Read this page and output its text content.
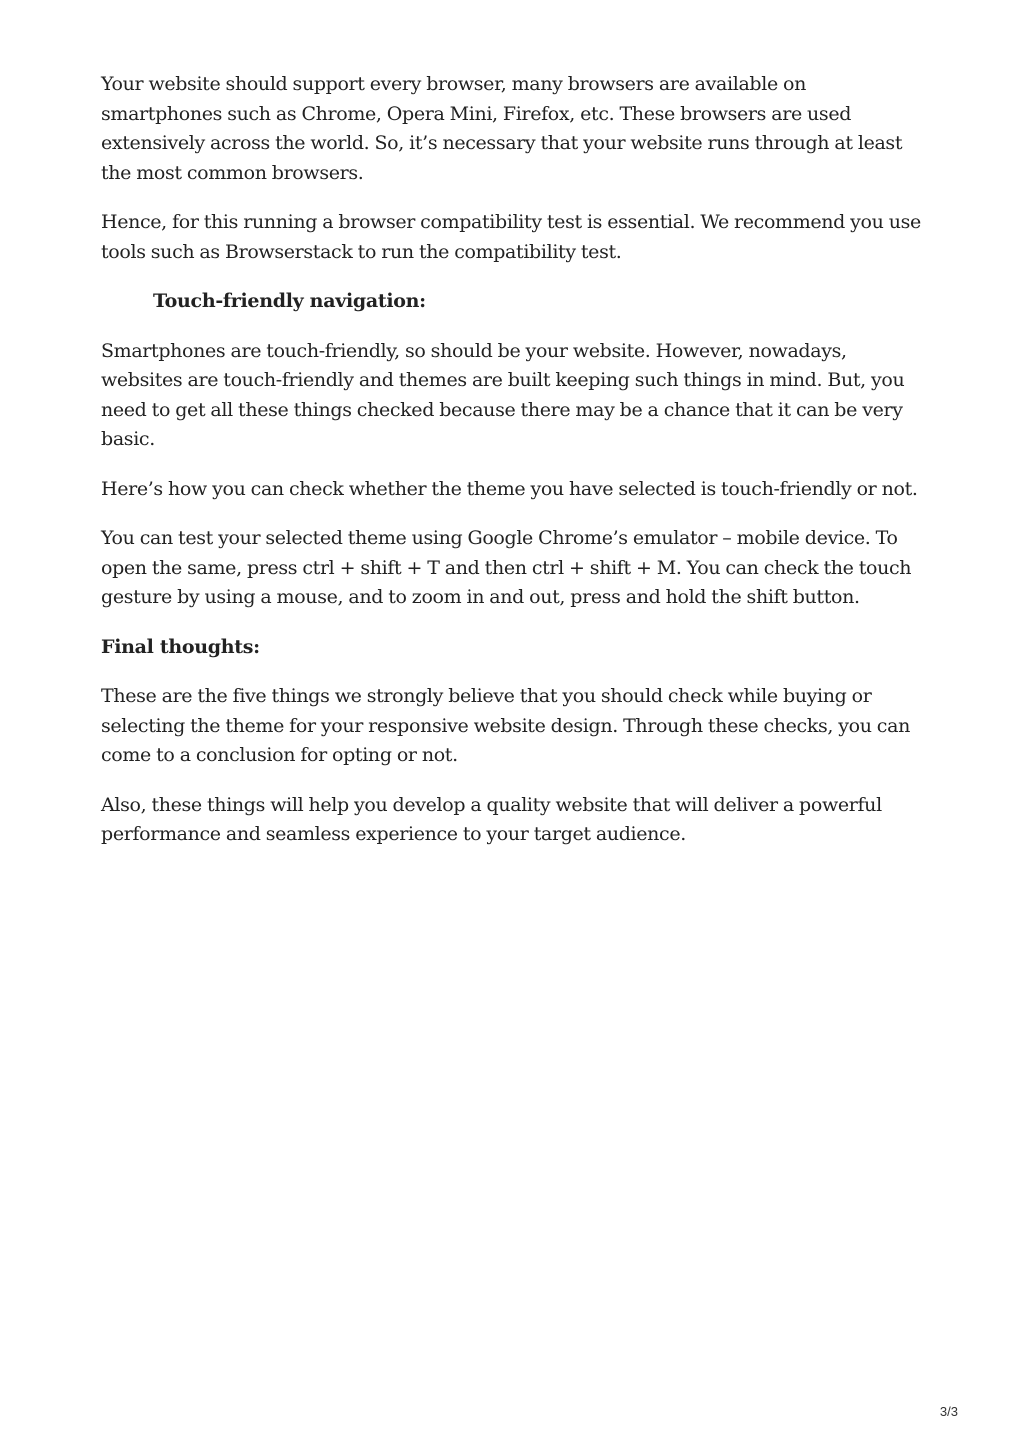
Your website should support every browser, many browsers are available on smartphones such as Chrome, Opera Mini, Firefox, etc. These browsers are used extensively across the world. So, it’s necessary that your website runs through at least the most common browsers.

Hence, for this running a browser compatibility test is essential. We recommend you use tools such as Browserstack to run the compatibility test.

Touch-friendly navigation:

Smartphones are touch-friendly, so should be your website. However, nowadays, websites are touch-friendly and themes are built keeping such things in mind. But, you need to get all these things checked because there may be a chance that it can be very basic.

Here’s how you can check whether the theme you have selected is touch-friendly or not.

You can test your selected theme using Google Chrome’s emulator – mobile device. To open the same, press ctrl + shift + T and then ctrl + shift + M. You can check the touch gesture by using a mouse, and to zoom in and out, press and hold the shift button.

Final thoughts:

These are the five things we strongly believe that you should check while buying or selecting the theme for your responsive website design. Through these checks, you can come to a conclusion for opting or not.

Also, these things will help you develop a quality website that will deliver a powerful performance and seamless experience to your target audience.

3/3
